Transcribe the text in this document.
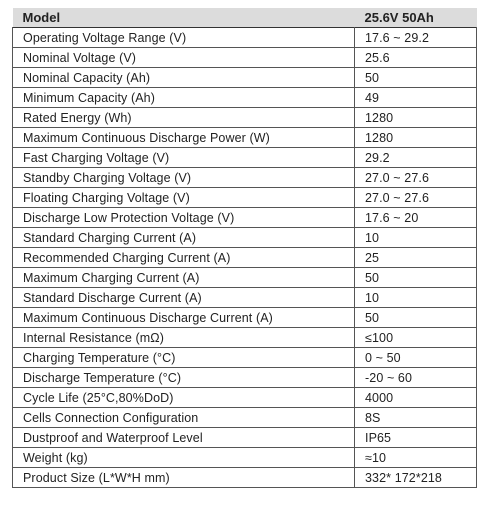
Model	25.6V 50Ah
Operating Voltage Range (V)	17.6 ~ 29.2
Nominal Voltage (V)	25.6
Nominal Capacity (Ah)	50
Minimum Capacity (Ah)	49
Rated Energy (Wh)	1280
Maximum Continuous Discharge Power (W)	1280
Fast Charging Voltage (V)	29.2
Standby Charging Voltage (V)	27.0 ~ 27.6
Floating Charging Voltage (V)	27.0 ~ 27.6
Discharge Low Protection Voltage (V)	17.6 ~ 20
Standard Charging Current (A)	10
Recommended Charging Current (A)	25
Maximum Charging Current (A)	50
Standard Discharge Current (A)	10
Maximum Continuous Discharge Current (A)	50
Internal Resistance (mΩ)	≤100
Charging Temperature (°C)	0 ~ 50
Discharge Temperature (°C)	-20 ~ 60
Cycle Life (25°C,80%DoD)	4000
Cells Connection Configuration	8S
Dustproof and Waterproof Level	IP65
Weight (kg)	≈10
Product Size (L*W*H mm)	332* 172*218
